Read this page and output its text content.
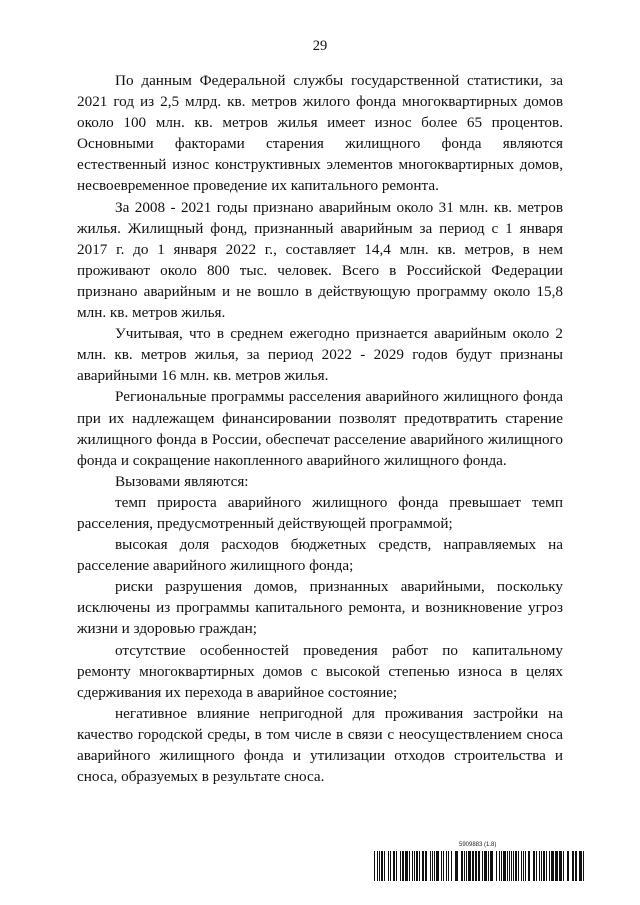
29

По данным Федеральной службы государственной статистики, за 2021 год из 2,5 млрд. кв. метров жилого фонда многоквартирных домов около 100 млн. кв. метров жилья имеет износ более 65 процентов. Основными факторами старения жилищного фонда являются естественный износ конструктивных элементов многоквартирных домов, несвоевременное проведение их капитального ремонта.

За 2008 - 2021 годы признано аварийным около 31 млн. кв. метров жилья. Жилищный фонд, признанный аварийным за период с 1 января 2017 г. до 1 января 2022 г., составляет 14,4 млн. кв. метров, в нем проживают около 800 тыс. человек. Всего в Российской Федерации признано аварийным и не вошло в действующую программу около 15,8 млн. кв. метров жилья.

Учитывая, что в среднем ежегодно признается аварийным около 2 млн. кв. метров жилья, за период 2022 - 2029 годов будут признаны аварийными 16 млн. кв. метров жилья.

Региональные программы расселения аварийного жилищного фонда при их надлежащем финансировании позволят предотвратить старение жилищного фонда в России, обеспечат расселение аварийного жилищного фонда и сокращение накопленного аварийного жилищного фонда.

Вызовами являются:

темп прироста аварийного жилищного фонда превышает темп расселения, предусмотренный действующей программой;

высокая доля расходов бюджетных средств, направляемых на расселение аварийного жилищного фонда;

риски разрушения домов, признанных аварийными, поскольку исключены из программы капитального ремонта, и возникновение угроз жизни и здоровью граждан;

отсутствие особенностей проведения работ по капитальному ремонту многоквартирных домов с высокой степенью износа в целях сдерживания их перехода в аварийное состояние;

негативное влияние непригодной для проживания застройки на качество городской среды, в том числе в связи с неосуществлением сноса аварийного жилищного фонда и утилизации отходов строительства и сноса, образуемых в результате сноса.

5909883 (1.8)
